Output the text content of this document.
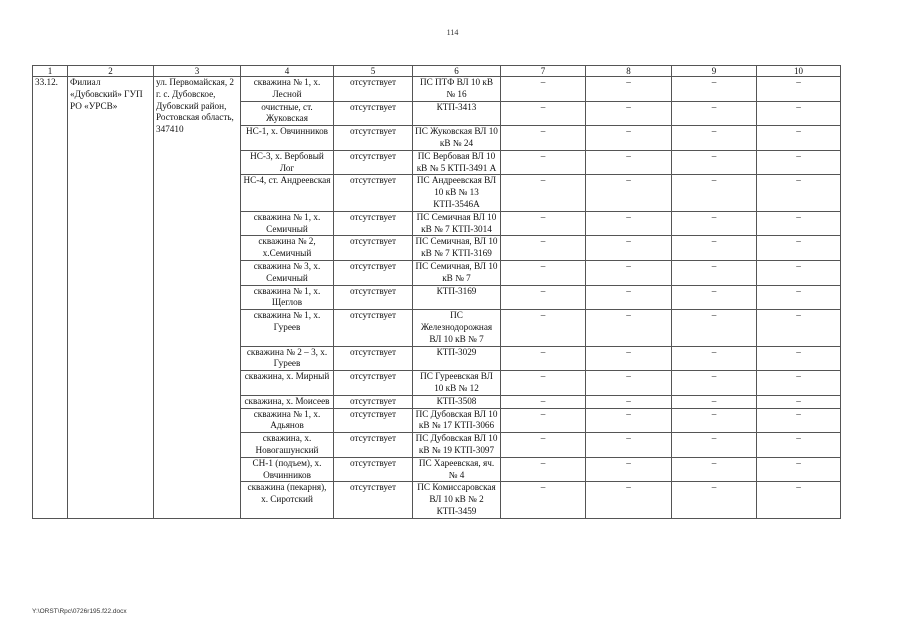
114
1	2	3	4	5	6	7	8	9	10
33.12.	Филиал «Дубовский» ГУП РО «УРСВ»	ул. Первомайская, 2 г. с. Дубовское, Дубовский район, Ростовская область, 347410	скважина № 1, х. Лесной	отсутствует	ПС ПТФ ВЛ 10 кВ № 16	–	–	–	–
			очистные, ст. Жуковская	отсутствует	КТП-3413	–	–	–	–
			НС-1, х. Овчинников	отсутствует	ПС Жуковская ВЛ 10 кВ № 24	–	–	–	–
			НС-3, х. Вербовый Лог	отсутствует	ПС Вербовая ВЛ 10 кВ № 5 КТП-3491 А	–	–	–	–
			НС-4, ст. Андреевская	отсутствует	ПС Андреевская ВЛ 10 кВ № 13 КТП-3546А	–	–	–	–
			скважина № 1, х. Семичный	отсутствует	ПС Семичная ВЛ 10 кВ № 7 КТП-3014	–	–	–	–
			скважина № 2, х.Семичный	отсутствует	ПС Семичная, ВЛ 10 кВ № 7 КТП-3169	–	–	–	–
			скважина № 3, х. Семичный	отсутствует	ПС Семичная, ВЛ 10 кВ № 7	–	–	–	–
			скважина № 1, х. Щеглов	отсутствует	КТП-3169	–	–	–	–
			скважина № 1, х. Гуреев	отсутствует	ПС Железнодорожная ВЛ 10 кВ № 7	–	–	–	–
			скважина № 2 – 3, х. Гуреев	отсутствует	КТП-3029	–	–	–	–
			скважина, х. Мирный	отсутствует	ПС Гуреевская ВЛ 10 кВ № 12	–	–	–	–
			скважина, х. Моисеев	отсутствует	КТП-3508	–	–	–	–
			скважина № 1, х. Адьянов	отсутствует	ПС Дубовская ВЛ 10 кВ № 17 КТП-3066	–	–	–	–
			скважина, х. Новогашунский	отсутствует	ПС Дубовская ВЛ 10 кВ № 19 КТП-3097	–	–	–	–
			СН-1 (подъем), х. Овчинников	отсутствует	ПС Хареевская, яч. № 4	–	–	–	–
			скважина (пекарня), х. Сиротский	отсутствует	ПС Комиссаровская ВЛ 10 кВ № 2 КТП-3459	–	–	–	–
Y:\ORST\Rpc\0726r195.f22.docx
